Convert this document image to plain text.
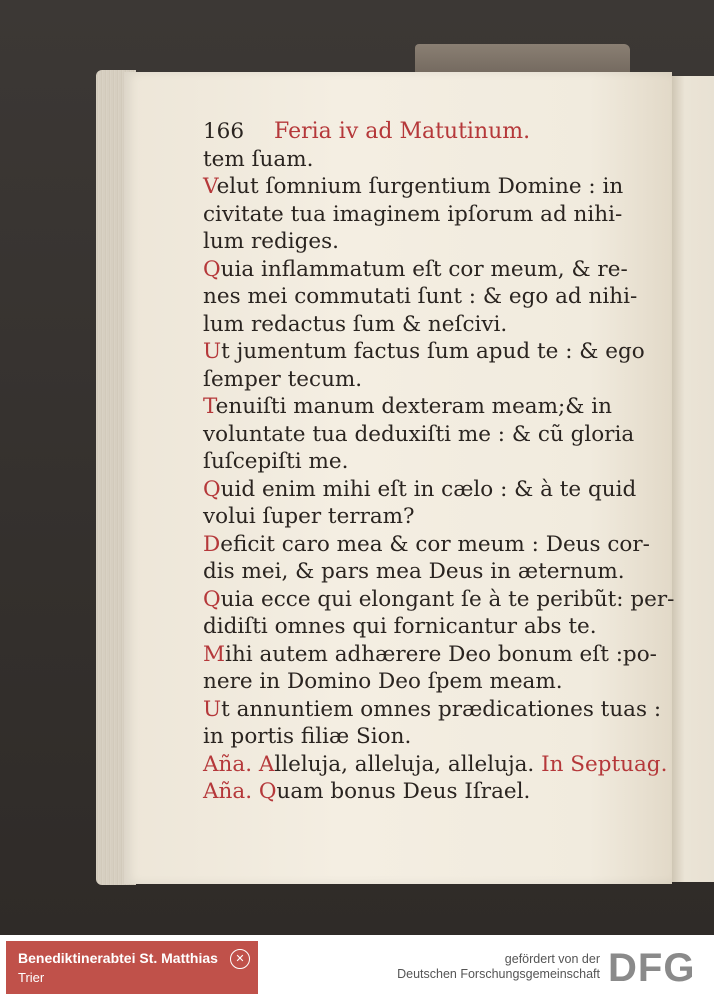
166 Feria iv ad Matutinum.
tem ſuam.
Velut ſomnium ſurgentium Domine : in
civitate tua imaginem ipſorum ad nihi-
lum rediges.
Quia inflammatum eſt cor meum, & re-
nes mei commutati ſunt : & ego ad nihi-
lum redactus ſum & neſcivi.
Ut jumentum factus ſum apud te : & ego
ſemper tecum.
Tenuiſti manum dexteram meam;& in
voluntate tua deduxiſti me : & cũ gloria
ſuſcepiſti me.
Quid enim mihi eſt in cælo : & à te quid
volui ſuper terram?
Deficit caro mea & cor meum : Deus cor-
dis mei, & pars mea Deus in æternum.
Quia ecce qui elongant ſe à te peribũt: per-
didiſti omnes qui fornicantur abs te.
Mihi autem adhærere Deo bonum eſt :po-
nere in Domino Deo ſpem meam.
Ut annuntiem omnes prædicationes tuas :
in portis filiæ Sion.
Aña. Alleluja, alleluja, alleluja. In Septuag.
Aña. Quam bonus Deus Iſrael.
Benediktinerabtei St. Matthias
Trier
✕	gefördert von der
Deutschen Forschungsgemeinschaft DFG
